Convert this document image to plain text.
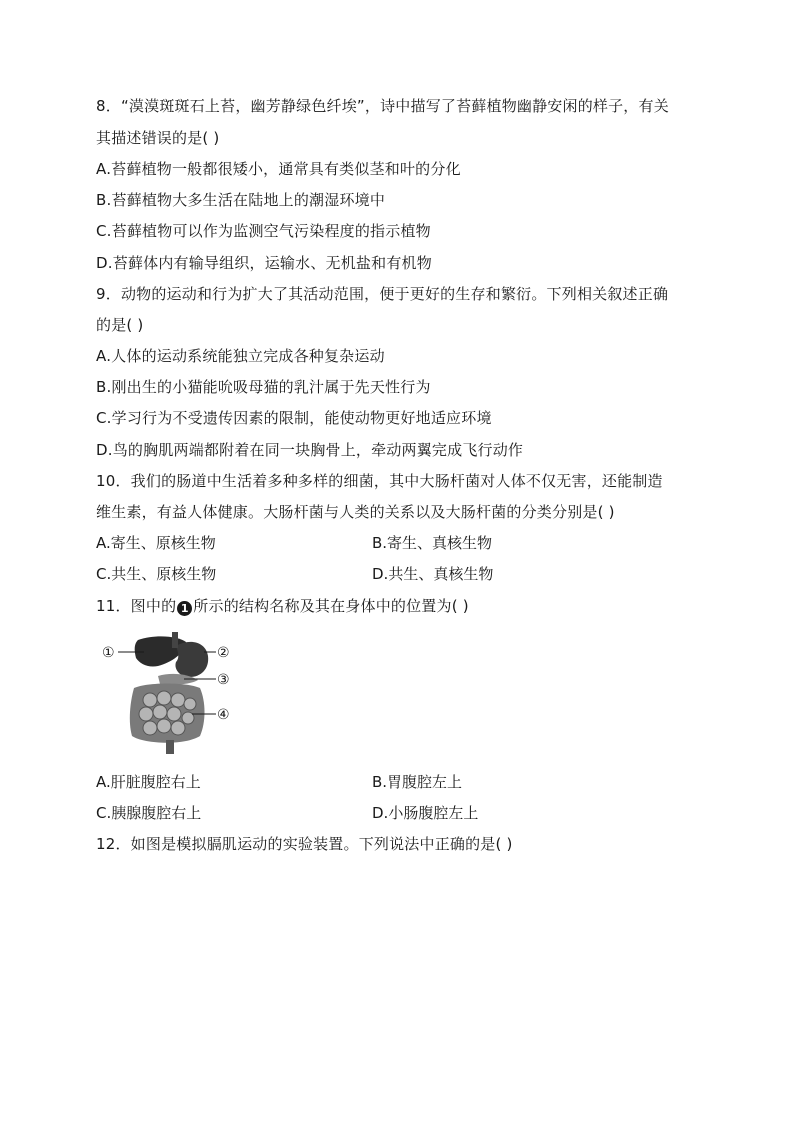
8．“漠漠斑斑石上苔，幽芳静绿色纤埃”，诗中描写了苔藓植物幽静安闲的样子，有关
其描述错误的是( )
A.苔藓植物一般都很矮小，通常具有类似茎和叶的分化
B.苔藓植物大多生活在陆地上的潮湿环境中
C.苔藓植物可以作为监测空气污染程度的指示植物
D.苔藓体内有输导组织，运输水、无机盐和有机物
9．动物的运动和行为扩大了其活动范围，便于更好的生存和繁衍。下列相关叙述正确
的是( )
A.人体的运动系统能独立完成各种复杂运动
B.刚出生的小猫能吮吸母猫的乳汁属于先天性行为
C.学习行为不受遗传因素的限制，能使动物更好地适应环境
D.鸟的胸肌两端都附着在同一块胸骨上，牵动两翼完成飞行动作
10．我们的肠道中生活着多种多样的细菌，其中大肠杆菌对人体不仅无害，还能制造
维生素，有益人体健康。大肠杆菌与人类的关系以及大肠杆菌的分类分别是( )
A.寄生、原核生物	B.寄生、真核生物
C.共生、原核生物	D.共生、真核生物
11．图中的 1 所示的结构名称及其在身体中的位置为( )
①	②
③
④
A.肝脏腹腔右上	B.胃腹腔左上
C.胰腺腹腔右上	D.小肠腹腔左上
12．如图是模拟膈肌运动的实验装置。下列说法中正确的是( )
